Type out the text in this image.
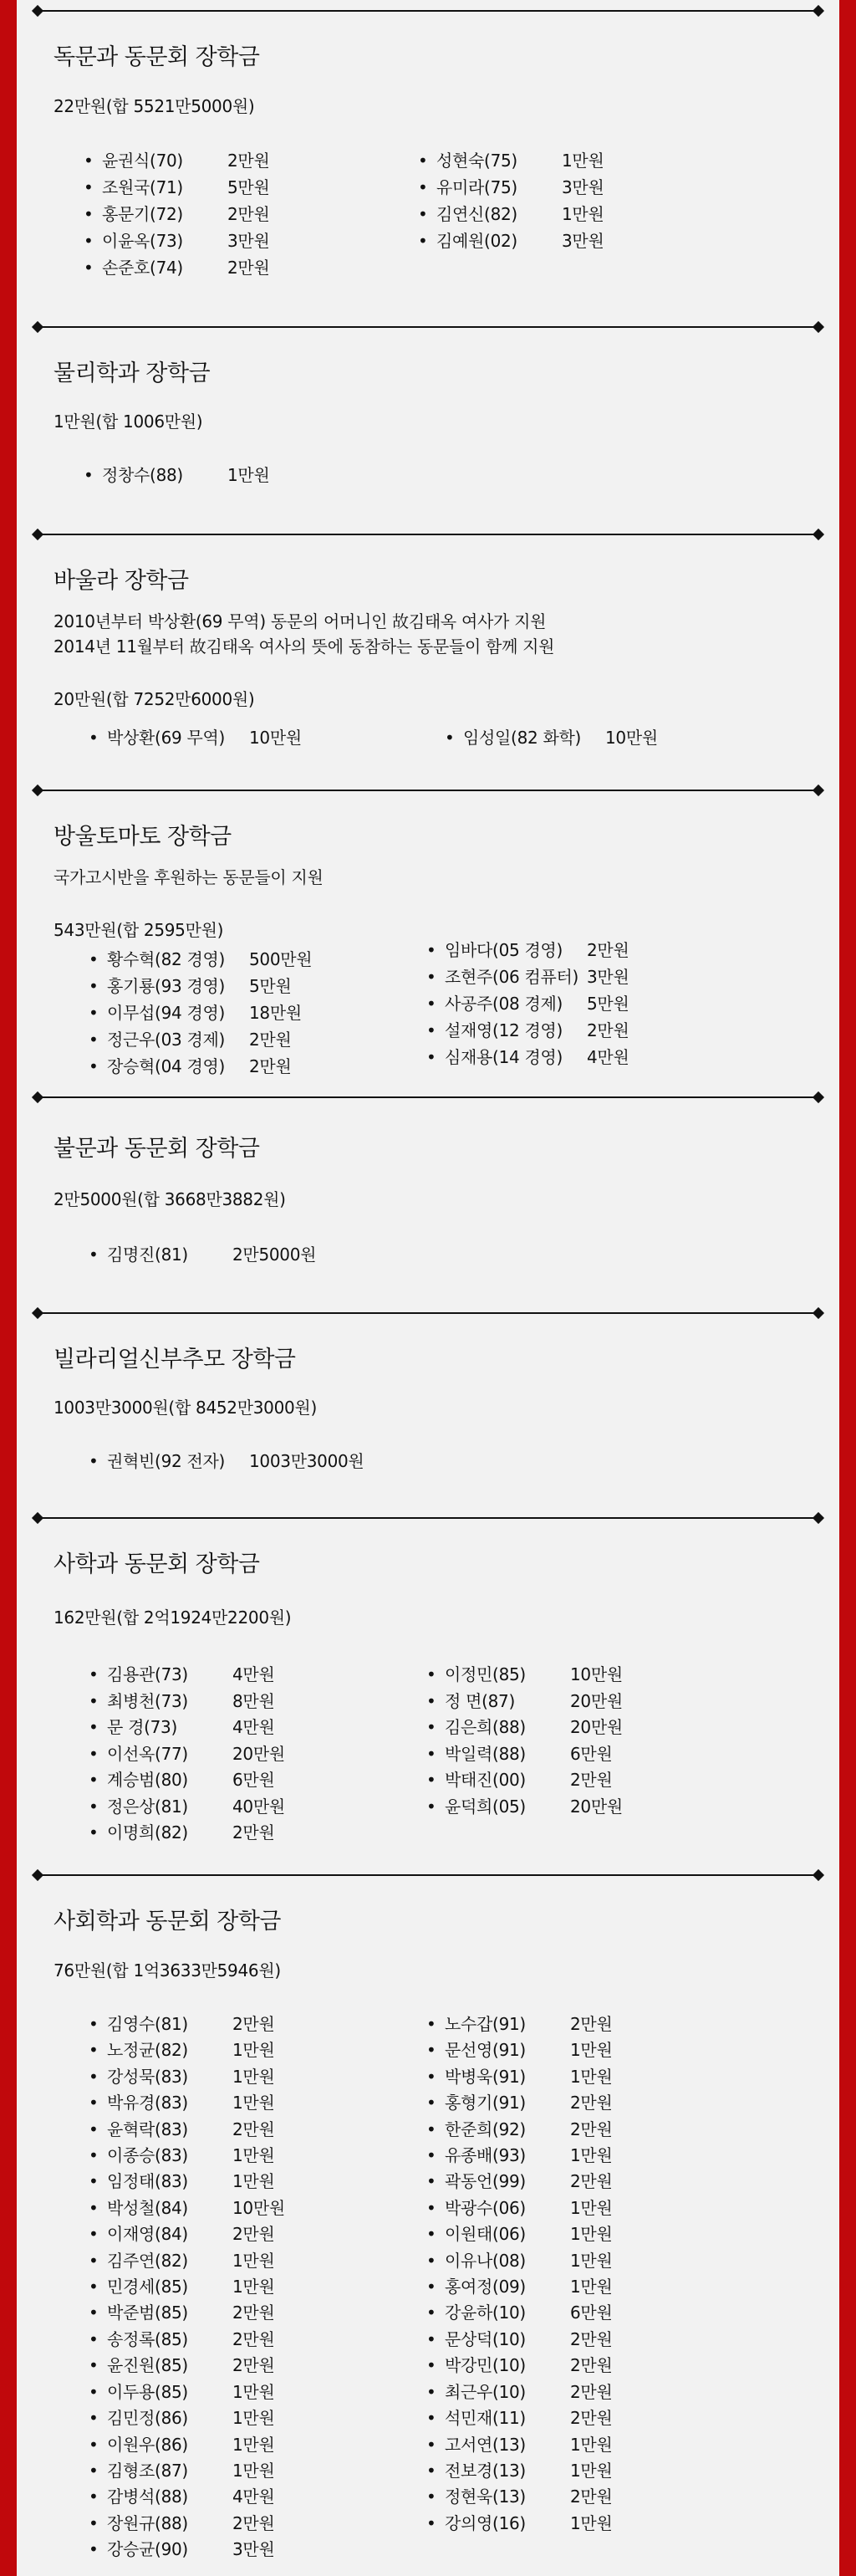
독문과 동문회 장학금
22만원(합 5521만5000원)
• 윤권식(70)	2만원
• 조원국(71)	5만원
• 홍문기(72)	2만원
• 이윤옥(73)	3만원
• 손준호(74)	2만원
• 성현숙(75)	1만원
• 유미라(75)	3만원
• 김연신(82)	1만원
• 김예원(02)	3만원
물리학과 장학금
1만원(합 1006만원)
• 정창수(88)	1만원
바울라 장학금
2010년부터 박상환(69 무역) 동문의 어머니인 故김태옥 여사가 지원
2014년 11월부터 故김태옥 여사의 뜻에 동참하는 동문들이 함께 지원
20만원(합 7252만6000원)
• 박상환(69 무역) 10만원
•	임성일(82 화학) 10만원
방울토마토 장학금
국가고시반을 후원하는 동문들이 지원
543만원(합 2595만원)
• 황수혁(82 경영) 500만원
• 홍기룡(93 경영) 5만원
• 이무섭(94 경영) 18만원
• 정근우(03 경제) 2만원
• 장승혁(04 경영) 2만원
• 임바다(05 경영) 2만원
• 조현주(06 컴퓨터) 3만원
• 사공주(08 경제) 5만원
• 설재영(12 경영) 2만원
• 심재용(14 경영) 4만원
불문과 동문회 장학금
2만5000원(합 3668만3882원)
• 김명진(81)	2만5000원
빌라리얼신부추모 장학금
1003만3000원(합 8452만3000원)
• 권혁빈(92 전자) 1003만3000원
사학과 동문회 장학금
162만원(합 2억1924만2200원)
• 김용관(73)	4만원
• 최병천(73)	8만원
• 문 경(73)	4만원
• 이선옥(77)	20만원
• 계승범(80)	6만원
• 정은상(81)	40만원
• 이명희(82)	2만원
• 이정민(85)	10만원
• 정 면(87)	20만원
• 김은희(88)	20만원
• 박일력(88)	6만원
• 박태진(00)	2만원
• 윤덕희(05)	20만원
사회학과 동문회 장학금
76만원(합 1억3633만5946원)
• 김영수(81)	2만원
• 노정균(82)	1만원
• 강성묵(83)	1만원
• 박유경(83)	1만원
• 윤혁락(83)	2만원
• 이종승(83)	1만원
• 임정태(83)	1만원
• 박성철(84)	10만원
• 이재영(84)	2만원
• 김주연(82)	1만원
• 민경세(85)	1만원
• 박준범(85)	2만원
• 송정록(85)	2만원
• 윤진원(85)	2만원
• 이두용(85)	1만원
• 김민정(86)	1만원
• 이원우(86)	1만원
• 김형조(87)	1만원
• 감병석(88)	4만원
• 장원규(88)	2만원
• 강승균(90)	3만원
• 노수갑(91)	2만원
• 문선영(91)	1만원
• 박병욱(91)	1만원
• 홍형기(91)	2만원
• 한준희(92)	2만원
• 유종배(93)	1만원
• 곽동언(99)	2만원
• 박광수(06)	1만원
• 이원태(06)	1만원
• 이유나(08)	1만원
• 홍여정(09)	1만원
• 강윤하(10)	6만원
• 문상덕(10)	2만원
• 박강민(10)	2만원
• 최근우(10)	2만원
• 석민재(11)	2만원
• 고서연(13)	1만원
• 전보경(13)	1만원
• 정현욱(13)	2만원
• 강의영(16)	1만원
